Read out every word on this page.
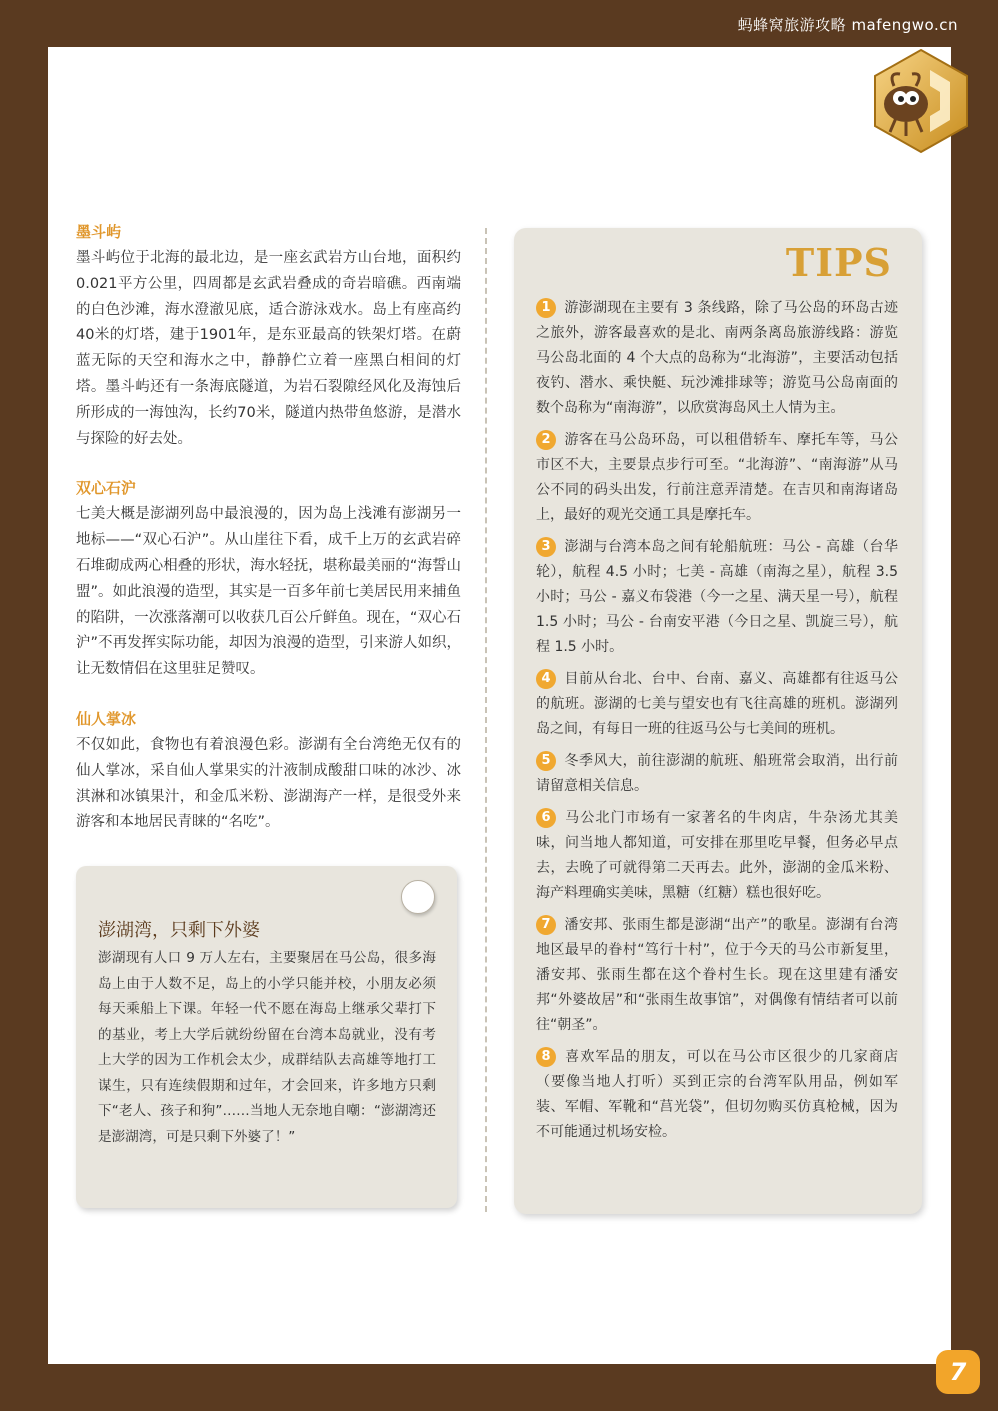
蚂蜂窝旅游攻略 mafengwo.cn
墨斗屿
墨斗屿位于北海的最北边，是一座玄武岩方山台地，面积约0.021平方公里，四周都是玄武岩叠成的奇岩暗礁。西南端的白色沙滩，海水澄澈见底，适合游泳戏水。岛上有座高约40米的灯塔，建于1901年，是东亚最高的铁架灯塔。在蔚蓝无际的天空和海水之中，静静伫立着一座黑白相间的灯塔。墨斗屿还有一条海底隧道，为岩石裂隙经风化及海蚀后所形成的一海蚀沟，长约70米，隧道内热带鱼悠游，是潜水与探险的好去处。
双心石沪
七美大概是澎湖列岛中最浪漫的，因为岛上浅滩有澎湖另一地标——“双心石沪”。从山崖往下看，成千上万的玄武岩碎石堆砌成两心相叠的形状，海水轻抚，堪称最美丽的“海誓山盟”。如此浪漫的造型，其实是一百多年前七美居民用来捕鱼的陷阱，一次涨落潮可以收获几百公斤鲜鱼。现在，“双心石沪”不再发挥实际功能，却因为浪漫的造型，引来游人如织，让无数情侣在这里驻足赞叹。
仙人掌冰
不仅如此，食物也有着浪漫色彩。澎湖有全台湾绝无仅有的仙人掌冰，采自仙人掌果实的汁液制成酸甜口味的冰沙、冰淇淋和冰镇果汁，和金瓜米粉、澎湖海产一样，是很受外来游客和本地居民青睐的“名吃”。
澎湖湾，只剩下外婆
澎湖现有人口 9 万人左右，主要聚居在马公岛，很多海岛上由于人数不足，岛上的小学只能并校，小朋友必须每天乘船上下课。年轻一代不愿在海岛上继承父辈打下的基业，考上大学后就纷纷留在台湾本岛就业，没有考上大学的因为工作机会太少，成群结队去高雄等地打工谋生，只有连续假期和过年，才会回来，许多地方只剩下“老人、孩子和狗”……当地人无奈地自嘲：“澎湖湾还是澎湖湾，可是只剩下外婆了！”
TIPS
1 游澎湖现在主要有 3 条线路，除了马公岛的环岛古迹之旅外，游客最喜欢的是北、南两条离岛旅游线路：游览马公岛北面的 4 个大点的岛称为“北海游”，主要活动包括夜钓、潜水、乘快艇、玩沙滩排球等；游览马公岛南面的数个岛称为“南海游”，以欣赏海岛风土人情为主。
2 游客在马公岛环岛，可以租借轿车、摩托车等，马公市区不大，主要景点步行可至。“北海游”、“南海游”从马公不同的码头出发，行前注意弄清楚。在吉贝和南海诸岛上，最好的观光交通工具是摩托车。
3 澎湖与台湾本岛之间有轮船航班：马公 - 高雄（台华轮），航程 4.5 小时；七美 - 高雄（南海之星），航程 3.5 小时；马公 - 嘉义布袋港（今一之星、满天星一号），航程 1.5 小时；马公 - 台南安平港（今日之星、凯旋三号），航程 1.5 小时。
4 目前从台北、台中、台南、嘉义、高雄都有往返马公的航班。澎湖的七美与望安也有飞往高雄的班机。澎湖列岛之间，有每日一班的往返马公与七美间的班机。
5 冬季风大，前往澎湖的航班、船班常会取消，出行前请留意相关信息。
6 马公北门市场有一家著名的牛肉店，牛杂汤尤其美味，问当地人都知道，可安排在那里吃早餐，但务必早点去，去晚了可就得第二天再去。此外，澎湖的金瓜米粉、海产料理确实美味，黑糖（红糖）糕也很好吃。
7 潘安邦、张雨生都是澎湖“出产”的歌星。澎湖有台湾地区最早的眷村“笃行十村”，位于今天的马公市新复里，潘安邦、张雨生都在这个眷村生长。现在这里建有潘安邦“外婆故居”和“张雨生故事馆”，对偶像有情结者可以前往“朝圣”。
8 喜欢军品的朋友，可以在马公市区很少的几家商店（要像当地人打听）买到正宗的台湾军队用品，例如军装、军帽、军靴和“莒光袋”，但切勿购买仿真枪械，因为不可能通过机场安检。
7
